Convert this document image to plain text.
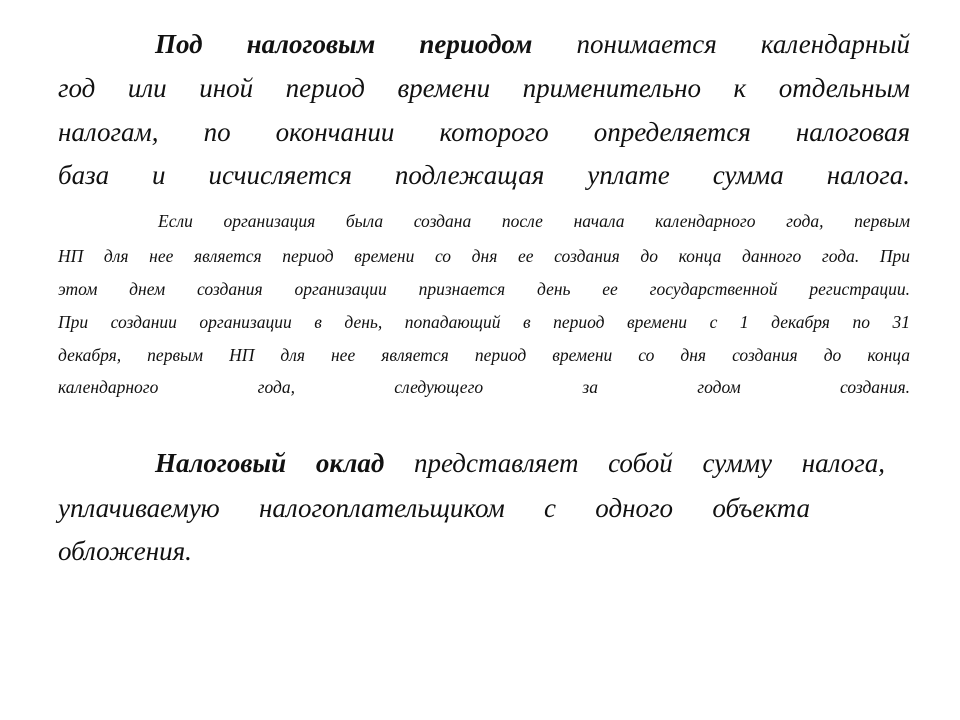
Под налоговым периодом понимается календарный
год или иной период времени применительно к отдельным
налогам, по окончании которого определяется налоговая
база и исчисляется подлежащая уплате сумма налога.
Если организация была создана после начала календарного года, первым
НП для нее является период времени со дня ее создания до конца данного года. При
этом днем создания организации признается день ее государственной регистрации.
При создании организации в день, попадающий в период времени с 1 декабря по 31
декабря, первым НП для нее является период времени со дня создания до конца
календарного года, следующего за годом создания.
Налоговый оклад представляет собой сумму налога,
уплачиваемую налогоплательщиком с одного объекта
обложения.
